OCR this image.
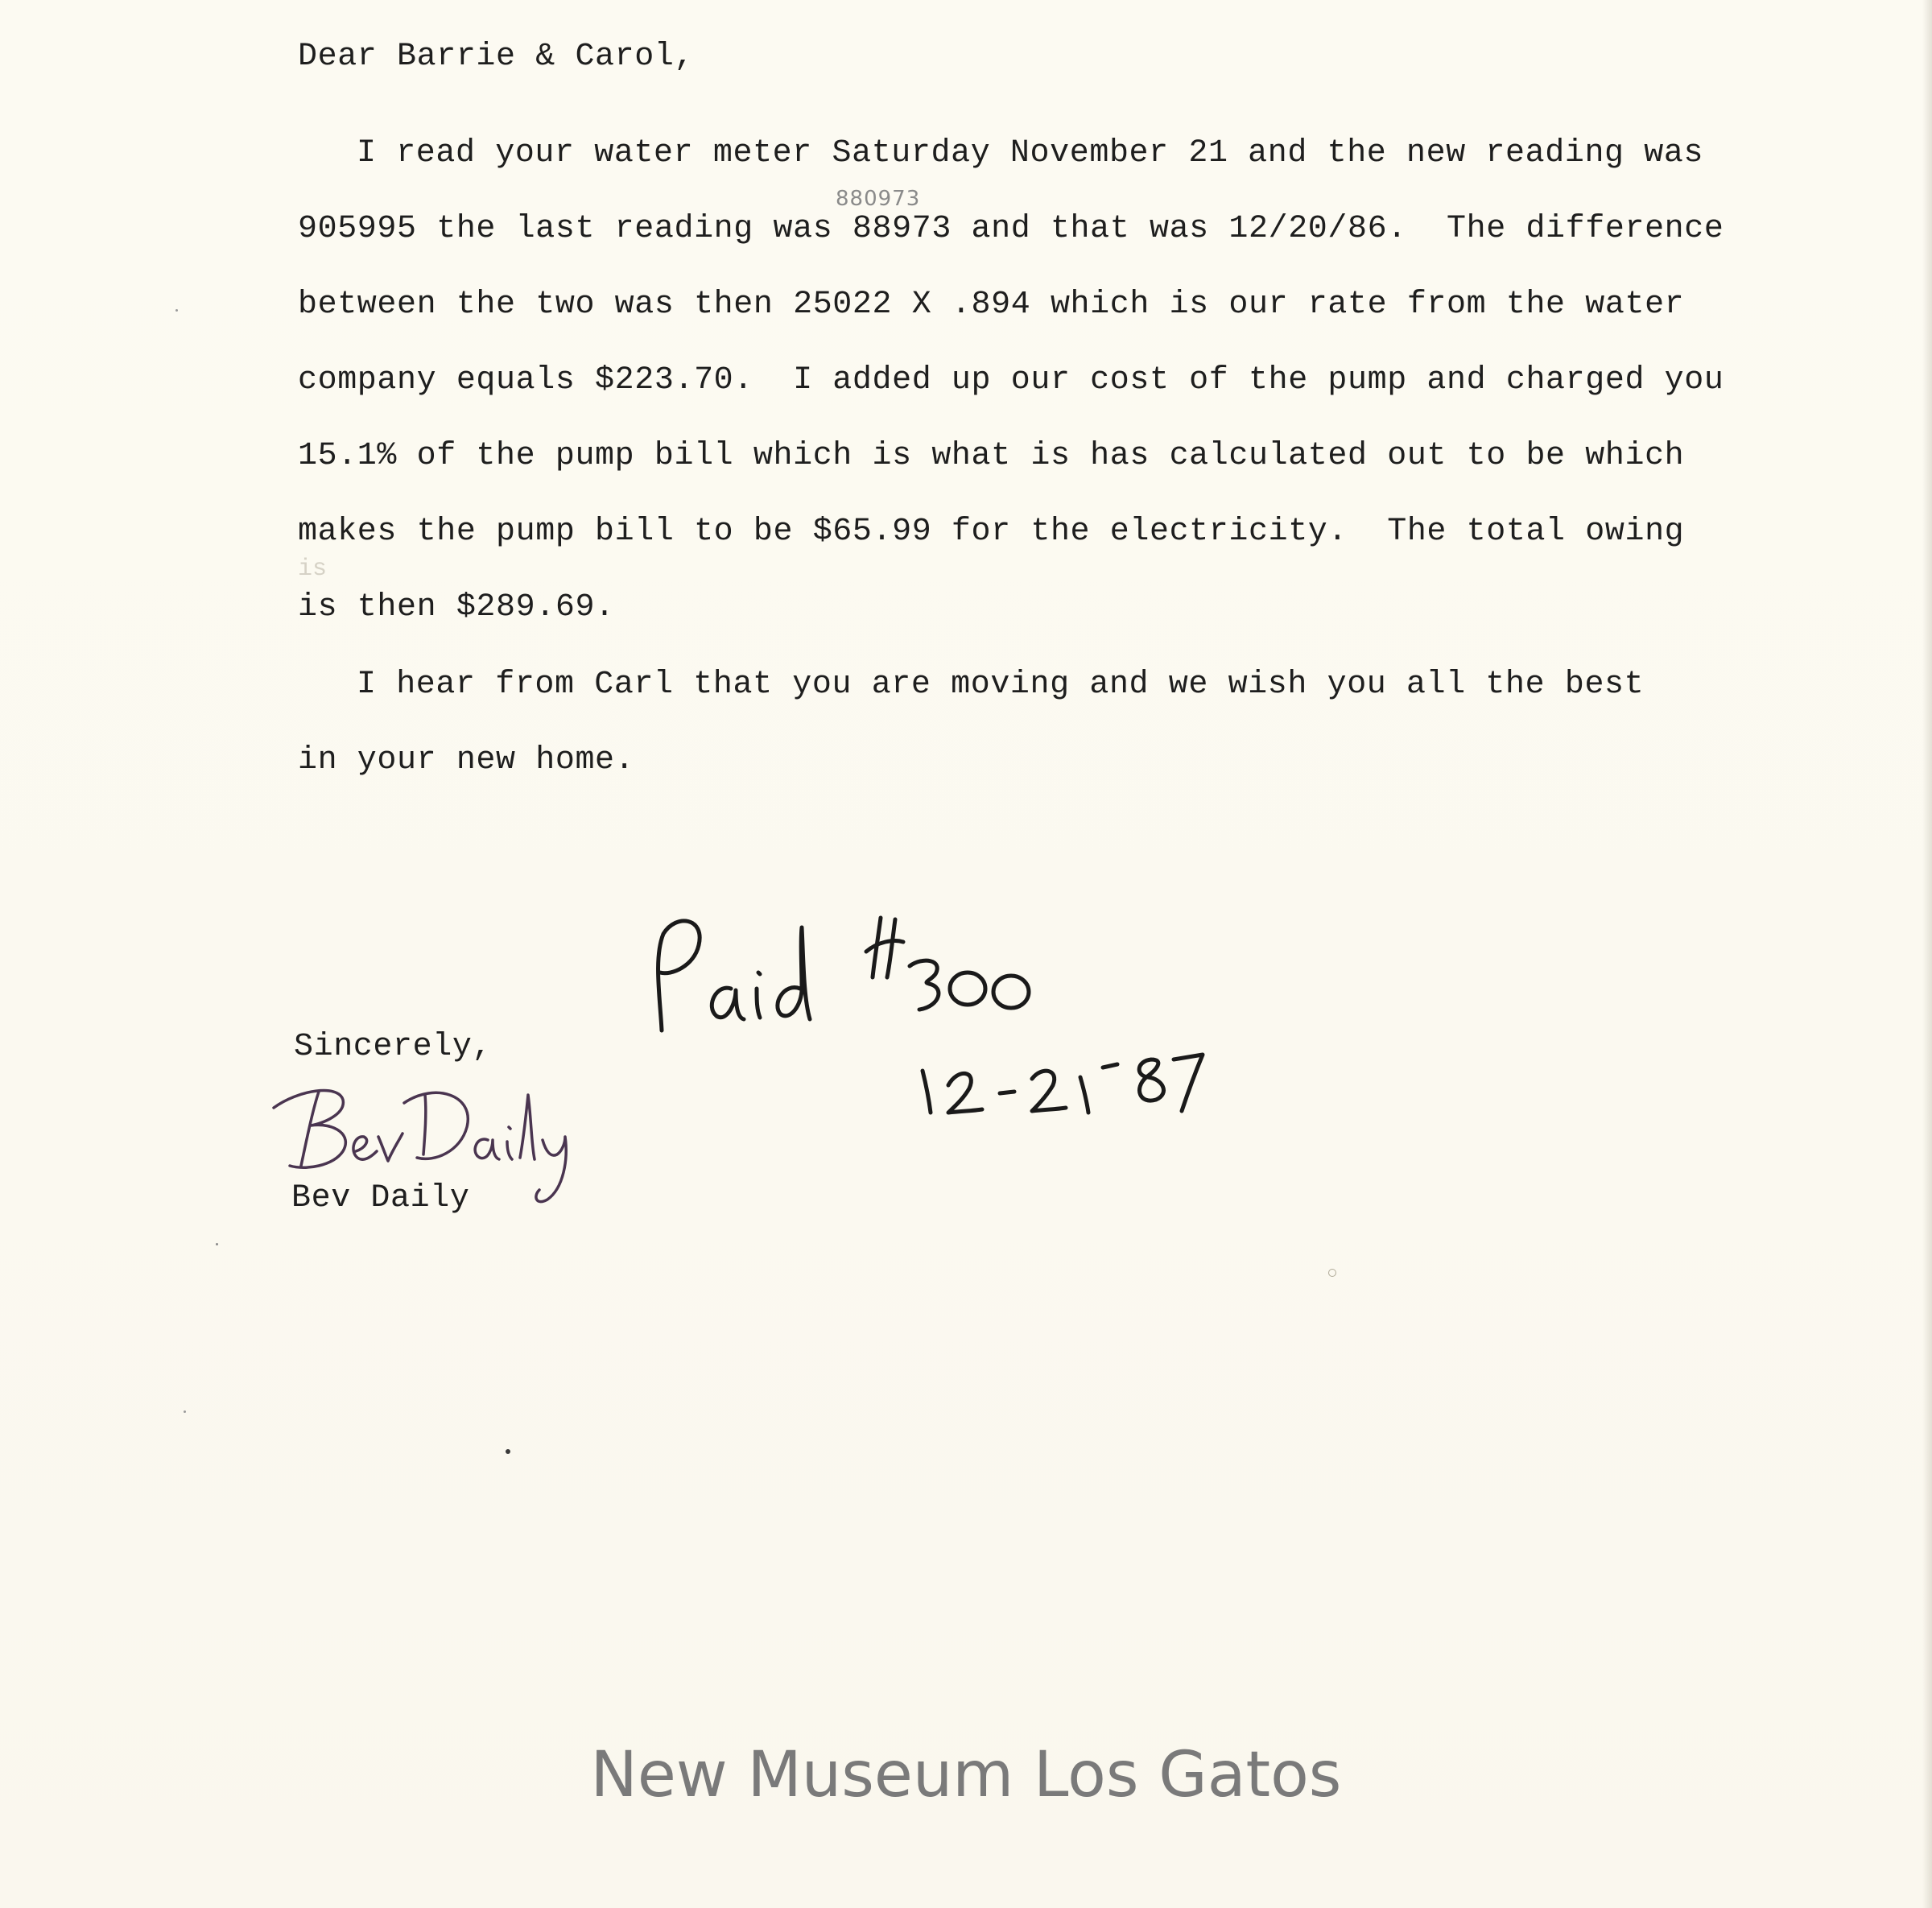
Dear Barrie & Carol,

I read your water meter Saturday November 21 and the new reading was

905995 the last reading was 88973 and that was 12/20/86.  The difference

between the two was then 25022 X .894 which is our rate from the water

company equals $223.70.  I added up our cost of the pump and charged you

15.1% of the pump bill which is what is has calculated out to be which

makes the pump bill to be $65.99 for the electricity.  The total owing

is then $289.69.

I hear from Carl that you are moving and we wish you all the best

in your new home.

880973
is

Sincerely,

Bev Daily

New Museum Los Gatos
